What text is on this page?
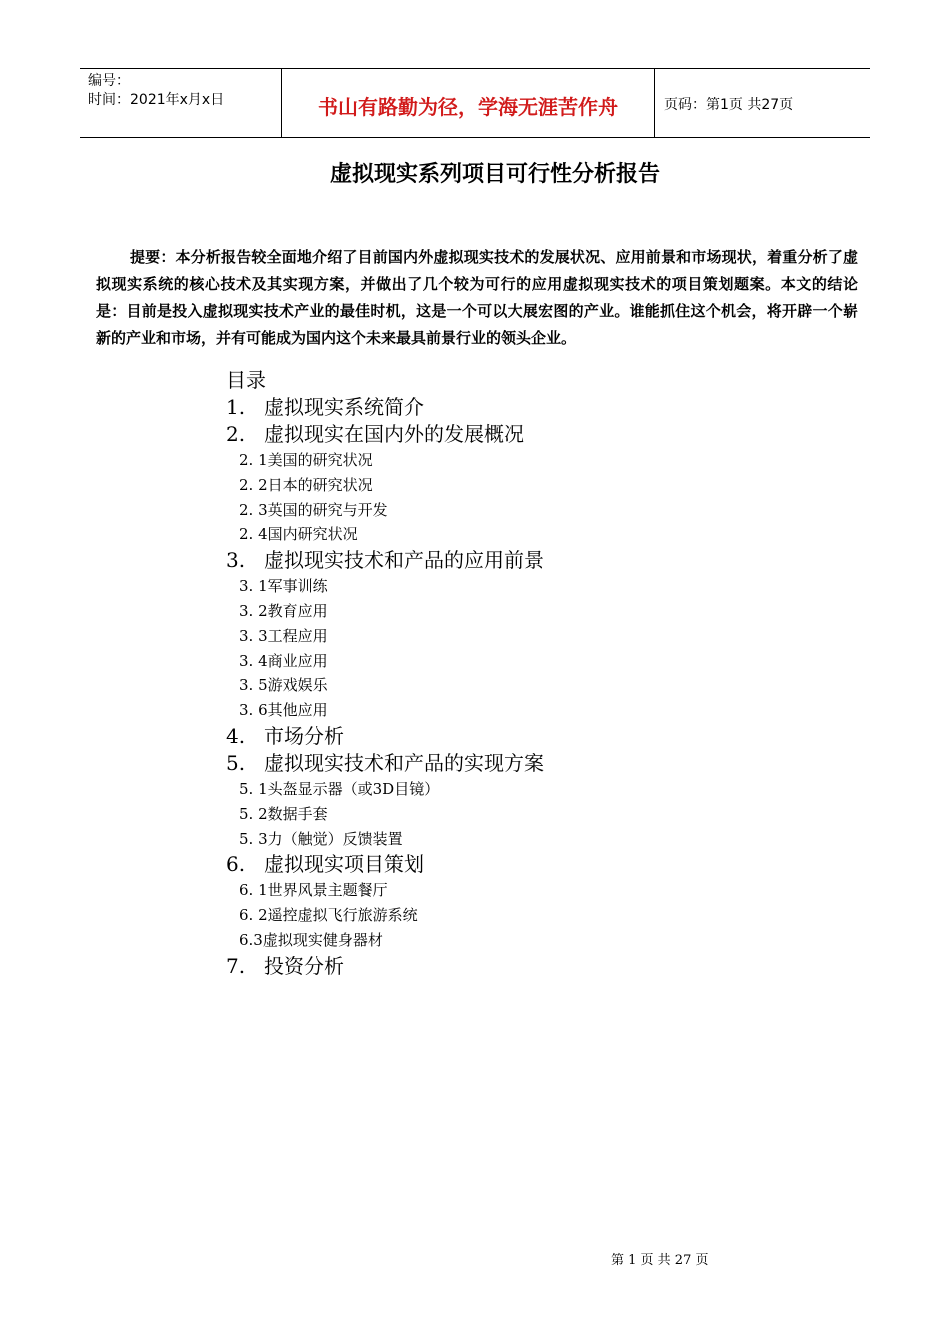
编号：
时间：2021年x月x日	书山有路勤为径，学海无涯苦作舟	页码：第1页 共27页
虚拟现实系列项目可行性分析报告
提要：本分析报告较全面地介绍了目前国内外虚拟现实技术的发展状况、应用前景和市场现状，着重分析了虚拟现实系统的核心技术及其实现方案，并做出了几个较为可行的应用虚拟现实技术的项目策划题案。本文的结论是：目前是投入虚拟现实技术产业的最佳时机，这是一个可以大展宏图的产业。谁能抓住这个机会，将开辟一个崭新的产业和市场，并有可能成为国内这个未来最具前景行业的领头企业。
目录
1. 虚拟现实系统简介
2. 虚拟现实在国内外的发展概况
2. 1美国的研究状况
2. 2日本的研究状况
2. 3英国的研究与开发
2. 4国内研究状况
3. 虚拟现实技术和产品的应用前景
3. 1军事训练
3. 2教育应用
3. 3工程应用
3. 4商业应用
3. 5游戏娱乐
3. 6其他应用
4. 市场分析
5. 虚拟现实技术和产品的实现方案
5. 1头盔显示器（或3D目镜）
5. 2数据手套
5. 3力（触觉）反馈装置
6. 虚拟现实项目策划
6. 1世界风景主题餐厅
6. 2遥控虚拟飞行旅游系统
6.3虚拟现实健身器材
7. 投资分析
第 1 页 共 27 页
